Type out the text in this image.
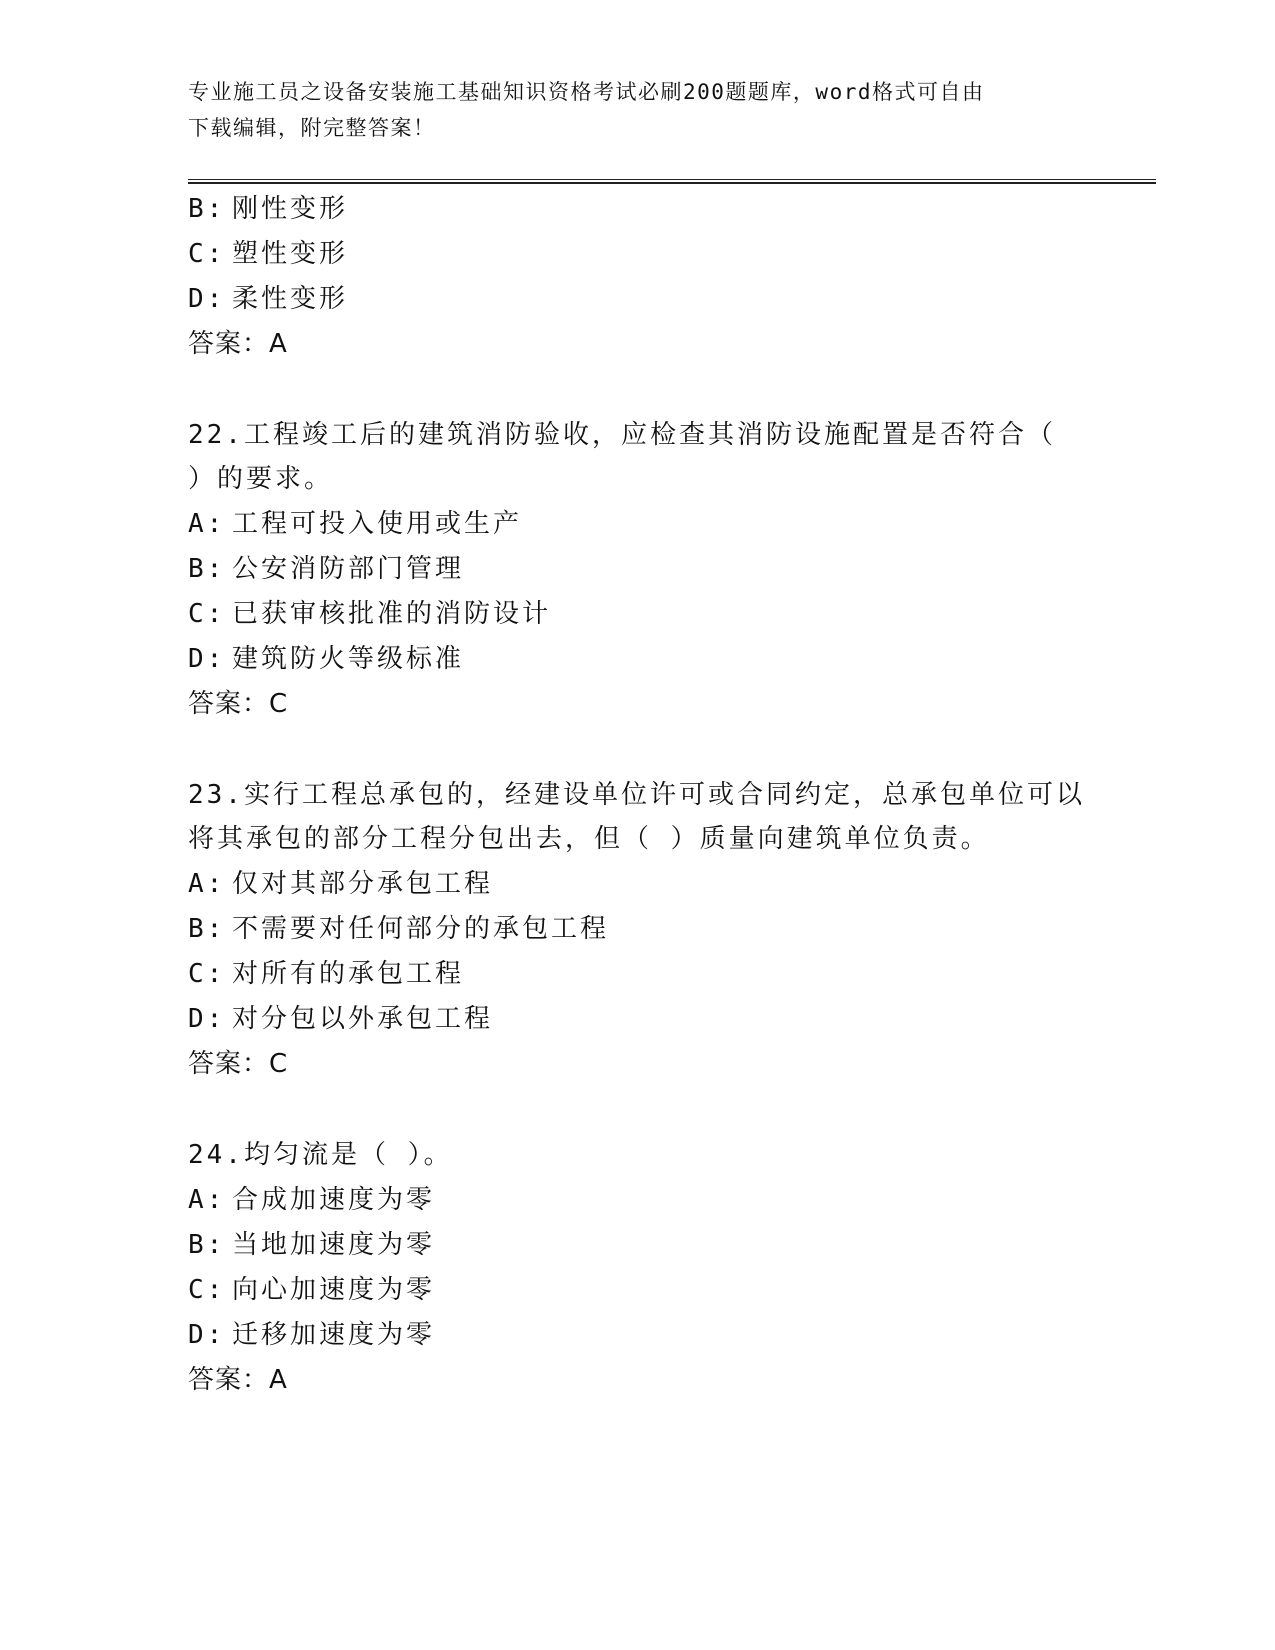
专业施工员之设备安装施工基础知识资格考试必刷200题题库，word格式可自由
下载编辑，附完整答案！
B: 刚性变形
C: 塑性变形
D: 柔性变形
答案：A
22.工程竣工后的建筑消防验收，应检查其消防设施配置是否符合（
）的要求。
A: 工程可投入使用或生产
B: 公安消防部门管理
C: 已获审核批准的消防设计
D: 建筑防火等级标准
答案：C
23.实行工程总承包的，经建设单位许可或合同约定，总承包单位可以
将其承包的部分工程分包出去，但（ ）质量向建筑单位负责。
A: 仅对其部分承包工程
B: 不需要对任何部分的承包工程
C: 对所有的承包工程
D: 对分包以外承包工程
答案：C
24.均匀流是（ ）。
A: 合成加速度为零
B: 当地加速度为零
C: 向心加速度为零
D: 迁移加速度为零
答案：A
